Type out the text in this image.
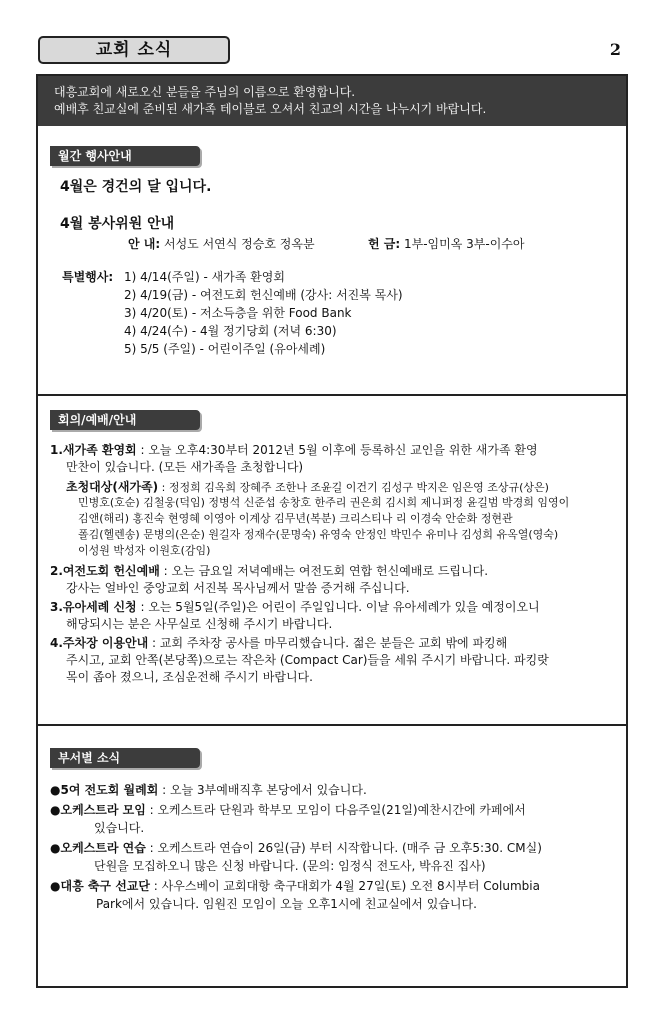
교회 소식	2
대흥교회에 새로오신 분들을 주님의 이름으로 환영합니다.
예배후 친교실에 준비된 새가족 테이블로 오셔서 친교의 시간을 나누시기 바랍니다.
월간 행사안내
4월은 경건의 달 입니다.
4월 봉사위원 안내
안 내: 서성도 서연식 정승호 정옥분	헌 금: 1부-임미옥 3부-이수아
특별행사: 1) 4/14(주일) - 새가족 환영회
2) 4/19(금) - 여전도회 헌신예배 (강사: 서진복 목사)
3) 4/20(토) - 저소득층을 위한 Food Bank
4) 4/24(수) - 4월 정기당회 (저녁 6:30)
5) 5/5 (주일) - 어린이주일 (유아세례)
회의/예배/안내
1.새가족 환영회 : 오늘 오후4:30부터 2012년 5월 이후에 등록하신 교인을 위한 새가족 환영
만찬이 있습니다. (모든 새가족을 초청합니다)
초청대상(새가족) : 정정희 김옥희 장혜주 조한나 조윤길 이건기 김성구 박지은 임은영 조상규(상은)
민병호(호순) 김철웅(덕임) 정병석 신준섭 송창호 한주리 권은희 김시희 제니퍼정 윤길범 박경희 임영이
김앤(해리) 홍진숙 현영혜 이영아 이계상 김무년(복분) 크리스티나 리 이경숙 안순화 정현관
폴김(헬렌송) 문병의(은순) 원길자 정재수(문명숙) 유영숙 안정인 박민수 유미나 김성희 유옥열(영숙)
이성원 박성자 이원호(감임)
2.여전도회 헌신예배 : 오는 금요일 저녁예배는 여전도회 연합 헌신예배로 드립니다.
강사는 얼바인 중앙교회 서진복 목사님께서 말씀 증거해 주십니다.
3.유아세례 신청 : 오는 5월5일(주일)은 어린이 주일입니다. 이날 유아세례가 있을 예정이오니
해당되시는 분은 사무실로 신청해 주시기 바랍니다.
4.주차장 이용안내 : 교회 주차장 공사를 마무리했습니다. 젊은 분들은 교회 밖에 파킹해
주시고, 교회 안쪽(본당쪽)으로는 작은차 (Compact Car)들을 세워 주시기 바랍니다. 파킹랏
목이 좁아 졌으니, 조심운전해 주시기 바랍니다.
부서별 소식
●5여 전도회 월례회 : 오늘 3부예배직후 본당에서 있습니다.
●오케스트라 모임 : 오케스트라 단원과 학부모 모임이 다음주일(21일)예찬시간에 카페에서
있습니다.
●오케스트라 연습 : 오케스트라 연습이 26일(금) 부터 시작합니다. (매주 금 오후5:30. CM실)
단원을 모집하오니 많은 신청 바랍니다. (문의: 임정식 전도사, 박유진 집사)
●대흥 축구 선교단 : 사우스베이 교회대항 축구대회가 4월 27일(토) 오전 8시부터 Columbia
Park에서 있습니다. 임원진 모임이 오늘 오후1시에 친교실에서 있습니다.
